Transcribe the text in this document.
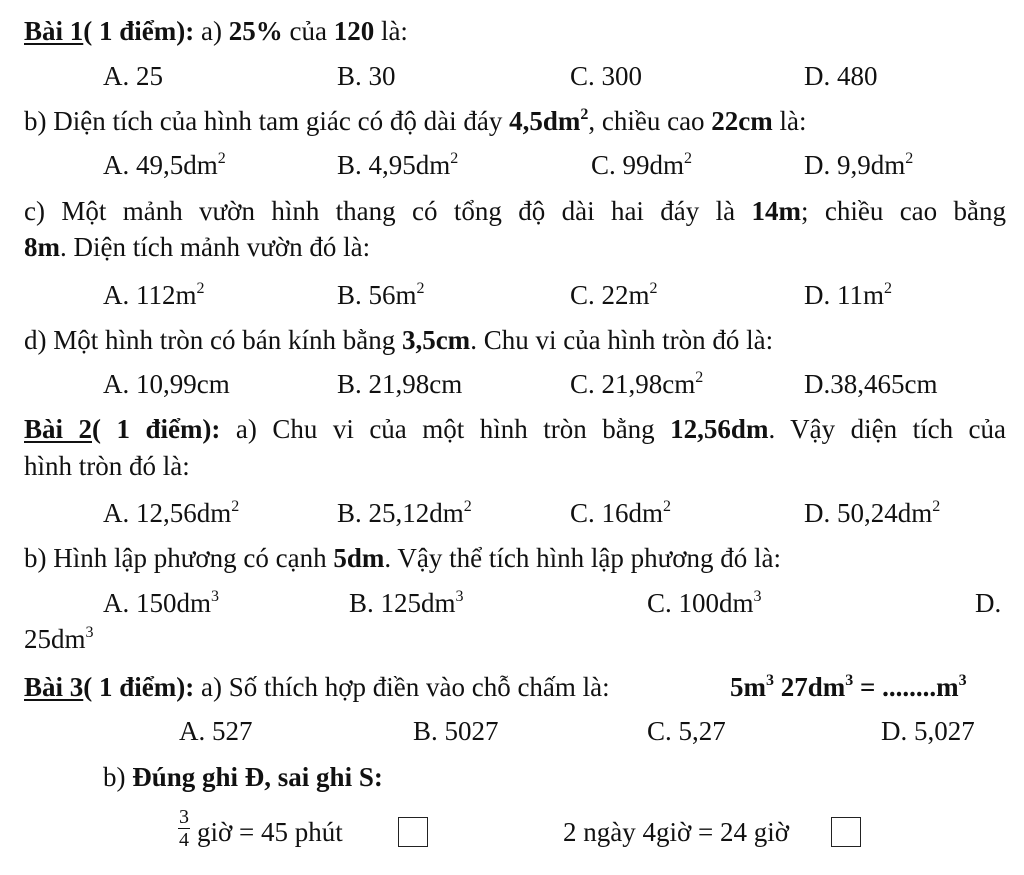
Bài 1( 1 điểm): a) 25% của 120 là:
A. 25	B. 30	C. 300	D. 480
b) Diện tích của hình tam giác có độ dài đáy $4,5dm^2$, chiều cao 22cm là:
A. $49,5dm^2$	B. $4,95dm^2$	C. $99dm^2$	D. $9,9dm^2$
c) Một mảnh vườn hình thang có tổng độ dài hai đáy là 14m; chiều cao bằng
8m. Diện tích mảnh vườn đó là:
A. $112m^2$	B. $56m^2$	C. $22m^2$	D. $11m^2$
d) Một hình tròn có bán kính bằng 3,5cm. Chu vi của hình tròn đó là:
A. 10,99cm	B. 21,98cm	C. $21,98cm^2$	D.38,465cm
Bài 2( 1 điểm): a) Chu vi của một hình tròn bằng 12,56dm. Vậy diện tích của
hình tròn đó là:
A. $12,56dm^2$	B. $25,12dm^2$	C. $16dm^2$	D. $50,24dm^2$
b) Hình lập phương có cạnh 5dm. Vậy thể tích hình lập phương đó là:
A. $150dm^3$	B. $125dm^3$	C. $100dm^3$	D.
$25dm^3$
Bài 3( 1 điểm): a) Số thích hợp điền vào chỗ chấm là:	$5m^3$ $27dm^3 = ........m^3$
A. 527	B. 5027	C. 5,27	D. 5,027
b) Đúng ghi Đ, sai ghi S:
3
4 giờ = 45 phút	2 ngày 4giờ = 24 giờ
